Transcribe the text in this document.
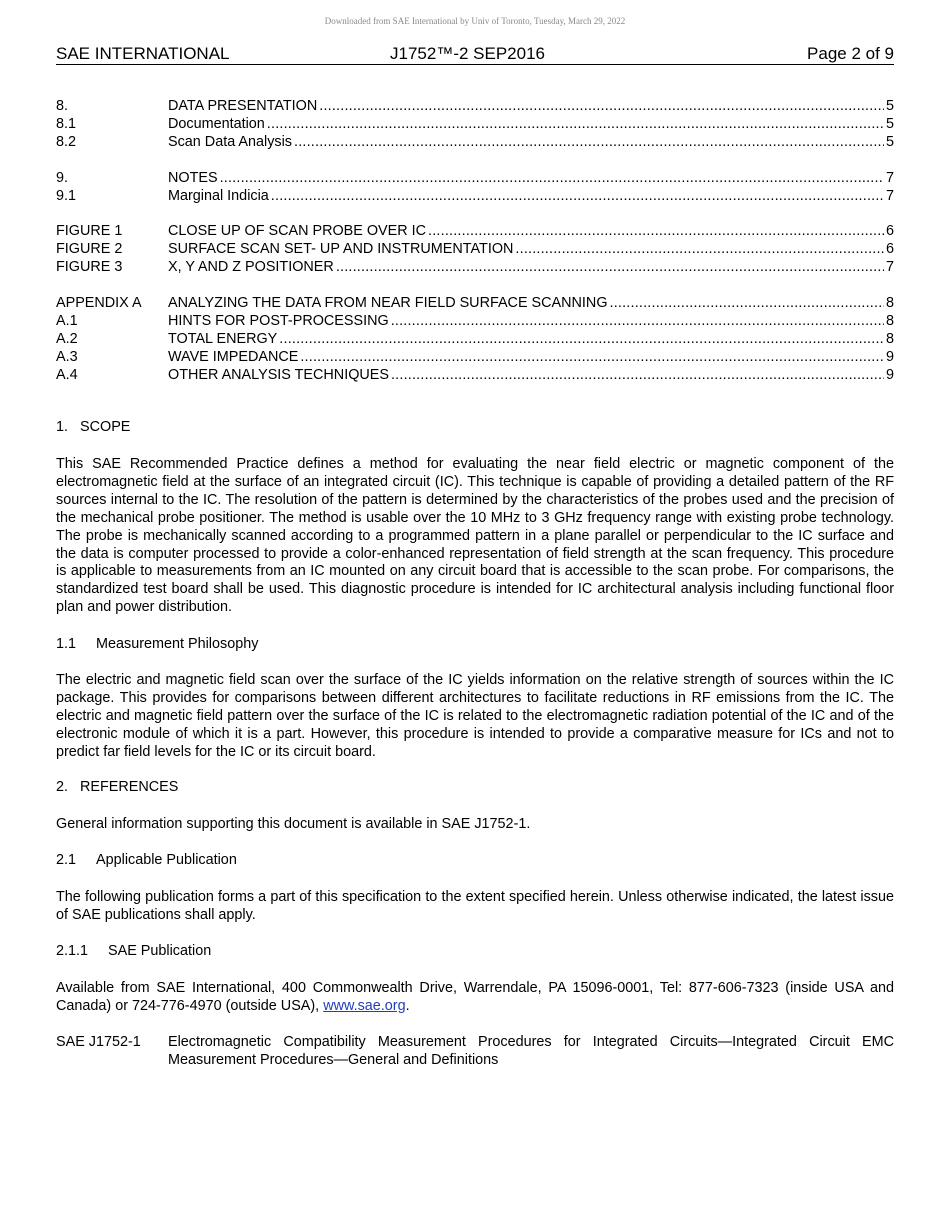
Downloaded from SAE International by Univ of Toronto, Tuesday, March 29, 2022
SAE INTERNATIONAL	J1752™-2 SEP2016	Page 2 of 9
8.	DATA PRESENTATION .....	5
8.1	Documentation .....	5
8.2	Scan Data Analysis .....	5
9.	NOTES .....	7
9.1	Marginal Indicia .....	7
FIGURE 1	CLOSE UP OF SCAN PROBE OVER IC .....	6
FIGURE 2	SURFACE SCAN SET- UP AND INSTRUMENTATION .....	6
FIGURE 3	X, Y AND Z POSITIONER .....	7
APPENDIX A	ANALYZING THE DATA FROM NEAR FIELD SURFACE SCANNING .....	8
A.1	HINTS FOR POST-PROCESSING .....	8
A.2	TOTAL ENERGY .....	8
A.3	WAVE IMPEDANCE .....	9
A.4	OTHER ANALYSIS TECHNIQUES .....	9

1. SCOPE

This SAE Recommended Practice defines a method for evaluating the near field electric or magnetic component of the electromagnetic field at the surface of an integrated circuit (IC). This technique is capable of providing a detailed pattern of the RF sources internal to the IC. The resolution of the pattern is determined by the characteristics of the probes used and the precision of the mechanical probe positioner. The method is usable over the 10 MHz to 3 GHz frequency range with existing probe technology. The probe is mechanically scanned according to a programmed pattern in a plane parallel or perpendicular to the IC surface and the data is computer processed to provide a color-enhanced representation of field strength at the scan frequency. This procedure is applicable to measurements from an IC mounted on any circuit board that is accessible to the scan probe. For comparisons, the standardized test board shall be used. This diagnostic procedure is intended for IC architectural analysis including functional floor plan and power distribution.

1.1 Measurement Philosophy

The electric and magnetic field scan over the surface of the IC yields information on the relative strength of sources within the IC package. This provides for comparisons between different architectures to facilitate reductions in RF emissions from the IC. The electric and magnetic field pattern over the surface of the IC is related to the electromagnetic radiation potential of the IC and of the electronic module of which it is a part. However, this procedure is intended to provide a comparative measure for ICs and not to predict far field levels for the IC or its circuit board.

2. REFERENCES

General information supporting this document is available in SAE J1752-1.

2.1 Applicable Publication

The following publication forms a part of this specification to the extent specified herein. Unless otherwise indicated, the latest issue of SAE publications shall apply.

2.1.1 SAE Publication

Available from SAE International, 400 Commonwealth Drive, Warrendale, PA 15096-0001, Tel: 877-606-7323 (inside USA and Canada) or 724-776-4970 (outside USA), www.sae.org.

SAE J1752-1	Electromagnetic Compatibility Measurement Procedures for Integrated Circuits—Integrated Circuit EMC Measurement Procedures—General and Definitions
